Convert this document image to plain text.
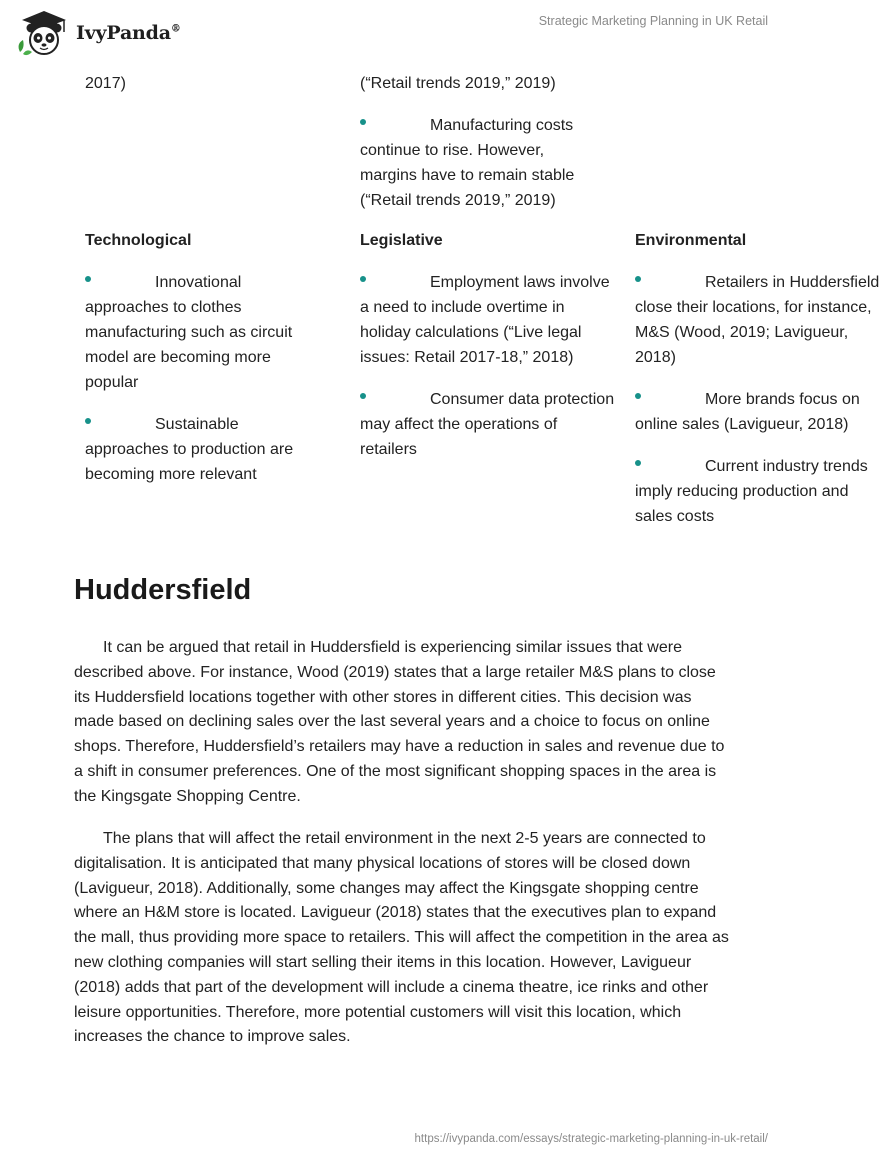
IvyPanda®
Strategic Marketing Planning in UK Retail

2017)	(“Retail trends 2019,” 2019)

Manufacturing costs continue to rise. However, margins have to remain stable (“Retail trends 2019,” 2019)

Technological	Legislative	Environmental

Innovational approaches to clothes manufacturing such as circuit model are becoming more popular

Sustainable approaches to production are becoming more relevant

Employment laws involve a need to include overtime in holiday calculations (“Live legal issues: Retail 2017-18,” 2018)

Consumer data protection may affect the operations of retailers

Retailers in Huddersfield close their locations, for instance, M&S (Wood, 2019; Lavigueur, 2018)

More brands focus on online sales (Lavigueur, 2018)

Current industry trends imply reducing production and sales costs

Huddersfield

It can be argued that retail in Huddersfield is experiencing similar issues that were described above. For instance, Wood (2019) states that a large retailer M&S plans to close its Huddersfield locations together with other stores in different cities. This decision was made based on declining sales over the last several years and a choice to focus on online shops. Therefore, Huddersfield’s retailers may have a reduction in sales and revenue due to a shift in consumer preferences. One of the most significant shopping spaces in the area is the Kingsgate Shopping Centre.

The plans that will affect the retail environment in the next 2-5 years are connected to digitalisation. It is anticipated that many physical locations of stores will be closed down (Lavigueur, 2018). Additionally, some changes may affect the Kingsgate shopping centre where an H&M store is located. Lavigueur (2018) states that the executives plan to expand the mall, thus providing more space to retailers. This will affect the competition in the area as new clothing companies will start selling their items in this location. However, Lavigueur (2018) adds that part of the development will include a cinema theatre, ice rinks and other leisure opportunities. Therefore, more potential customers will visit this location, which increases the chance to improve sales.

https://ivypanda.com/essays/strategic-marketing-planning-in-uk-retail/
